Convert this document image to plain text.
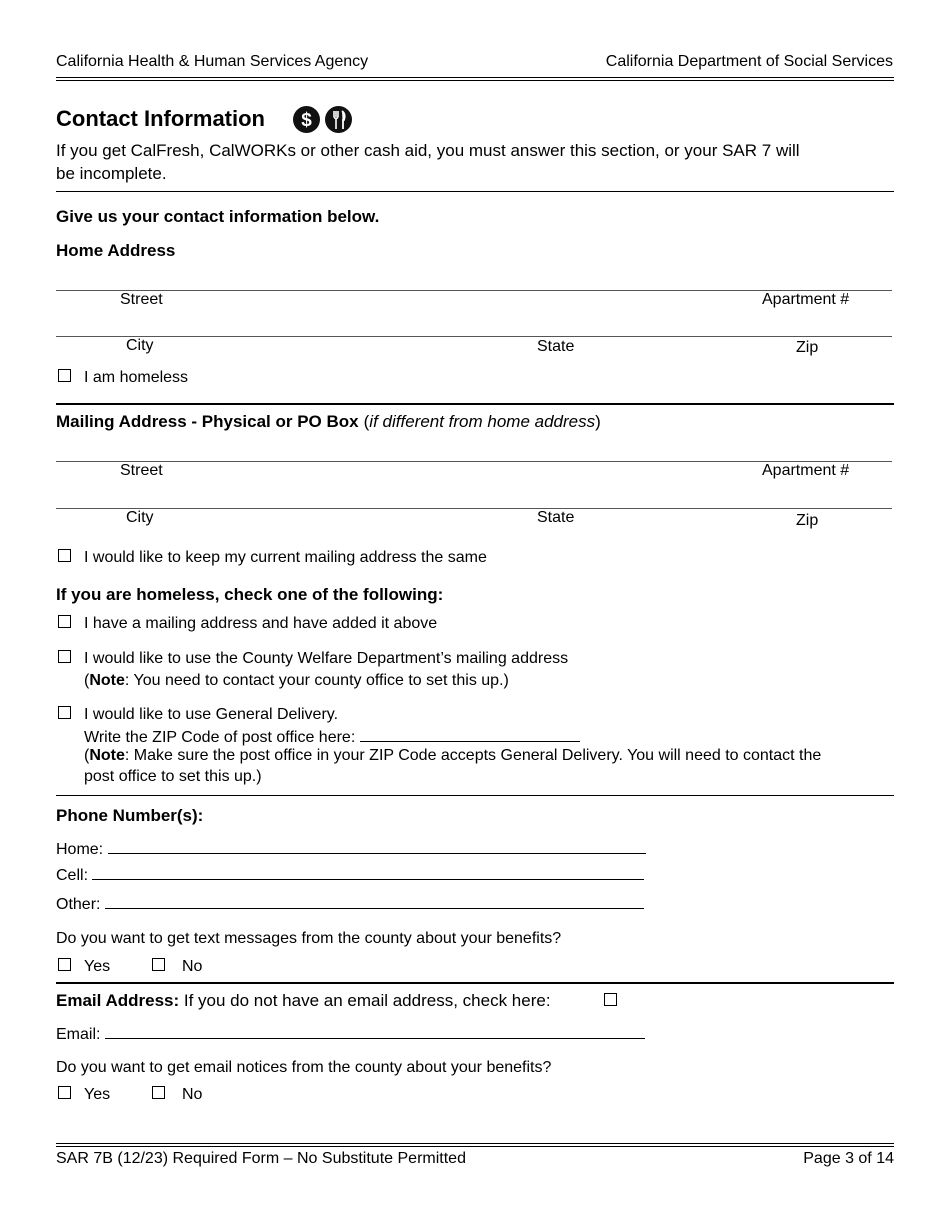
California Health & Human Services Agency	California Department of Social Services
Contact Information $
If you get CalFresh, CalWORKs or other cash aid, you must answer this section, or your SAR 7 will
be incomplete.
Give us your contact information below.
Home Address
Street	Apartment #
City	State	Zip
I am homeless
Mailing Address - Physical or PO Box (if different from home address)
Street	Apartment #
City	State	Zip
I would like to keep my current mailing address the same
If you are homeless, check one of the following:
I have a mailing address and have added it above
I would like to use the County Welfare Department’s mailing address
(Note: You need to contact your county office to set this up.)
I would like to use General Delivery.
Write the ZIP Code of post office here:
(Note: Make sure the post office in your ZIP Code accepts General Delivery. You will need to contact the
post office to set this up.)
Phone Number(s):
Home:
Cell:
Other:
Do you want to get text messages from the county about your benefits?
Yes	No
Email Address: If you do not have an email address, check here:
Email:
Do you want to get email notices from the county about your benefits?
Yes	No
SAR 7B (12/23) Required Form – No Substitute Permitted	Page 3 of 14
